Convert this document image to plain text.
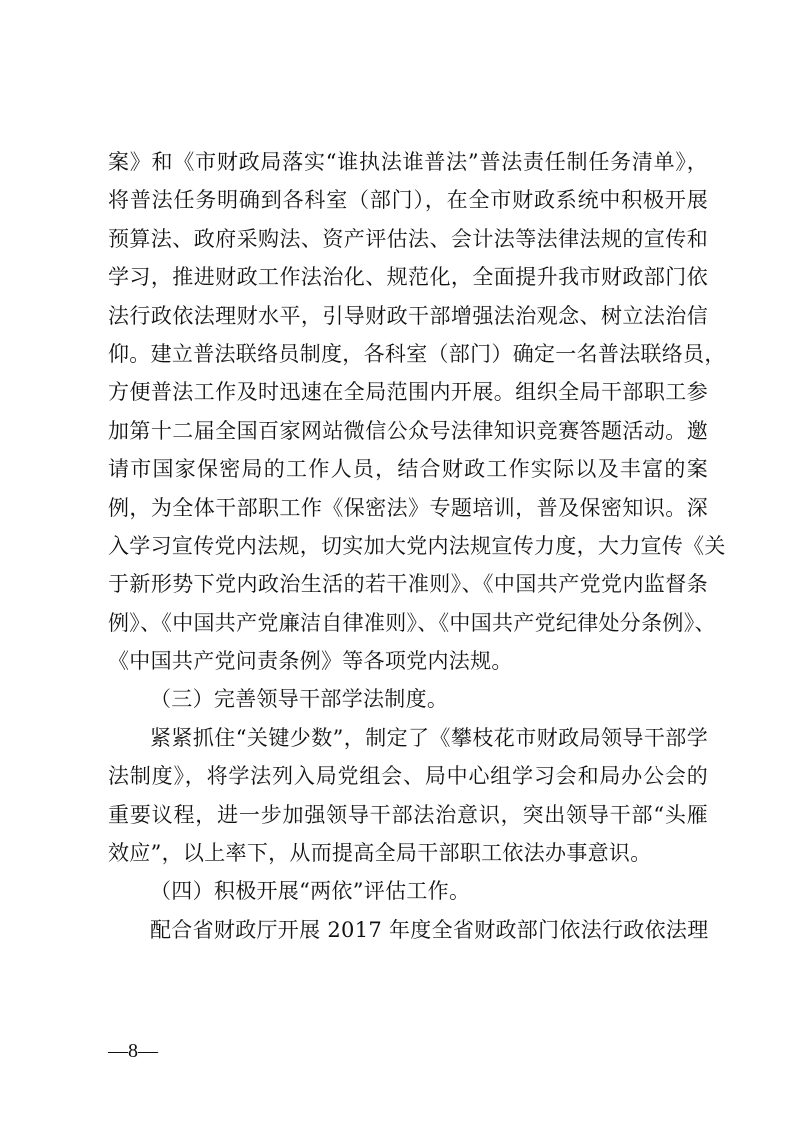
案》和《市财政局落实“谁执法谁普法”普法责任制任务清单》，
将普法任务明确到各科室（部门），在全市财政系统中积极开展
预算法、政府采购法、资产评估法、会计法等法律法规的宣传和
学习，推进财政工作法治化、规范化，全面提升我市财政部门依
法行政依法理财水平，引导财政干部增强法治观念、树立法治信
仰。建立普法联络员制度，各科室（部门）确定一名普法联络员，
方便普法工作及时迅速在全局范围内开展。组织全局干部职工参
加第十二届全国百家网站微信公众号法律知识竞赛答题活动。邀
请市国家保密局的工作人员，结合财政工作实际以及丰富的案
例，为全体干部职工作《保密法》专题培训，普及保密知识。深
入学习宣传党内法规，切实加大党内法规宣传力度，大力宣传《关
于新形势下党内政治生活的若干准则》、《中国共产党党内监督条
例》、《中国共产党廉洁自律准则》、《中国共产党纪律处分条例》、
《中国共产党问责条例》等各项党内法规。
（三）完善领导干部学法制度。
紧紧抓住“关键少数”，制定了《攀枝花市财政局领导干部学
法制度》，将学法列入局党组会、局中心组学习会和局办公会的
重要议程，进一步加强领导干部法治意识，突出领导干部“头雁
效应”，以上率下，从而提高全局干部职工依法办事意识。
（四）积极开展“两依”评估工作。
配合省财政厅开展 2017 年度全省财政部门依法行政依法理
—8—
